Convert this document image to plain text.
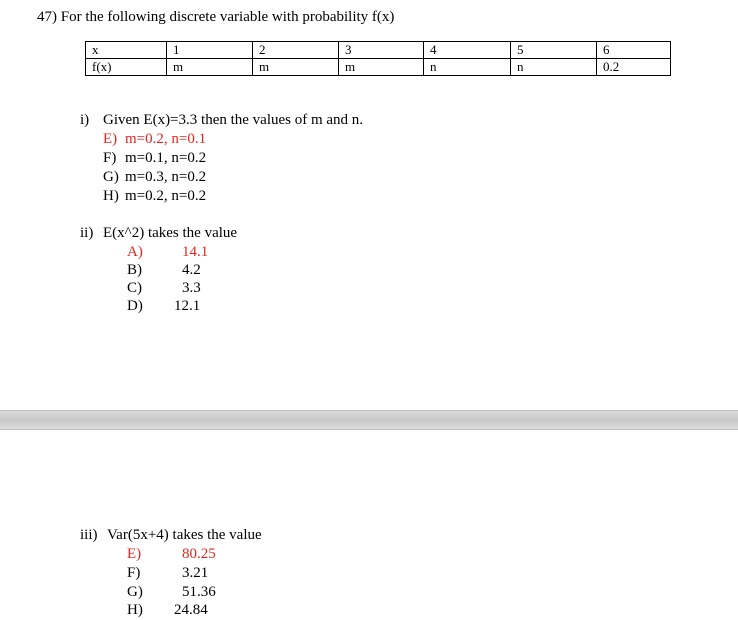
47) For the following discrete variable with probability f(x)
x	1	2	3	4	5	6
f(x)	m	m	m	n	n	0.2
i) Given E(x)=3.3 then the values of m and n.
E) m=0.2, n=0.1
F) m=0.1, n=0.2
G) m=0.3, n=0.2
H) m=0.2, n=0.2
ii) E(x^2) takes the value
A)	14.1
B)	4.2
C)	3.3
D) 12.1
iii) Var(5x+4) takes the value
E)	80.25
F)	3.21
G)	51.36
H) 24.84
